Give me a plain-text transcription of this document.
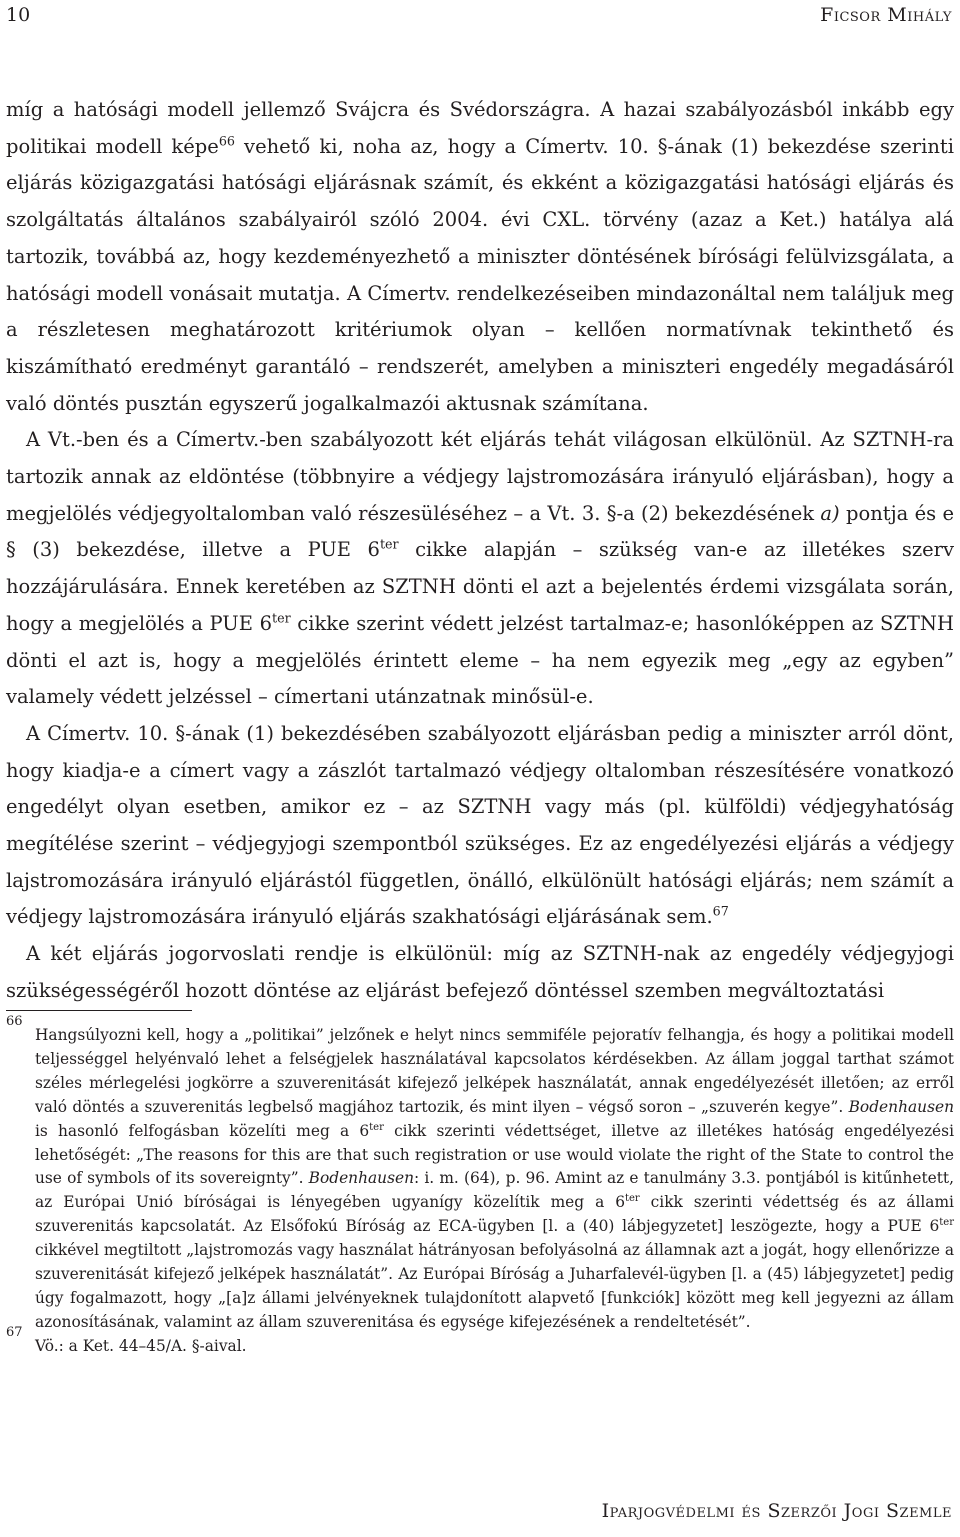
10	Ficsor Mihály

míg a hatósági modell jellemző Svájcra és Svédországra. A hazai szabályozásból inkább egy politikai modell képe$^{66}$ vehető ki, noha az, hogy a Címertv. 10. §-ának (1) bekezdése szerinti eljárás közigazgatási hatósági eljárásnak számít, és ekként a közigazgatási hatósági eljárás és szolgáltatás általános szabályairól szóló 2004. évi CXL. törvény (azaz a Ket.) hatálya alá tartozik, továbbá az, hogy kezdeményezhető a miniszter döntésének bírósági felülvizsgálata, a hatósági modell vonásait mutatja. A Címertv. rendelkezéseiben mindazonáltal nem találjuk meg a részletesen meghatározott kritériumok olyan – kellően normatívnak tekinthető és kiszámítható eredményt garantáló – rendszerét, amelyben a miniszteri engedély megadásáról való döntés pusztán egyszerű jogalkalmazói aktusnak számítana.

A Vt.-ben és a Címertv.-ben szabályozott két eljárás tehát világosan elkülönül. Az SZTNH-ra tartozik annak az eldöntése (többnyire a védjegy lajstromozására irányuló eljárásban), hogy a megjelölés védjegyoltalomban való részesüléséhez – a Vt. 3. §-a (2) bekezdésének a) pontja és e § (3) bekezdése, illetve a PUE $6^{ter}$ cikke alapján – szükség van-e az illetékes szerv hozzájárulására. Ennek keretében az SZTNH dönti el azt a bejelentés érdemi vizsgálata során, hogy a megjelölés a PUE $6^{ter}$ cikke szerint védett jelzést tartalmaz-e; hasonlóképpen az SZTNH dönti el azt is, hogy a megjelölés érintett eleme – ha nem egyezik meg „egy az egyben” valamely védett jelzéssel – címertani utánzatnak minősül-e.

A Címertv. 10. §-ának (1) bekezdésében szabályozott eljárásban pedig a miniszter arról dönt, hogy kiadja-e a címert vagy a zászlót tartalmazó védjegy oltalomban részesítésére vonatkozó engedélyt olyan esetben, amikor ez – az SZTNH vagy más (pl. külföldi) védjegyhatóság megítélése szerint – védjegyjogi szempontból szükséges. Ez az engedélyezési eljárás a védjegy lajstromozására irányuló eljárástól független, önálló, elkülönült hatósági eljárás; nem számít a védjegy lajstromozására irányuló eljárás szakhatósági eljárásának sem.$^{67}$

A két eljárás jogorvoslati rendje is elkülönül: míg az SZTNH-nak az engedély védjegyjogi szükségességéről hozott döntése az eljárást befejező döntéssel szemben megváltoztatási

66
Hangsúlyozni kell, hogy a „politikai” jelzőnek e helyt nincs semmiféle pejoratív felhangja, és hogy a politikai modell teljességgel helyénvaló lehet a felségjelek használatával kapcsolatos kérdésekben. Az állam joggal tarthat számot széles mérlegelési jogkörre a szuverenitását kifejező jelképek használatát, annak engedélyezését illetően; az erről való döntés a szuverenitás legbelső magjához tartozik, és mint ilyen – végső soron – „szuverén kegye”. Bodenhausen is hasonló felfogásban közelíti meg a $6^{ter}$ cikk szerinti védettséget, illetve az illetékes hatóság engedélyezési lehetőségét: „The reasons for this are that such registration or use would violate the right of the State to control the use of symbols of its sovereignty”. Bodenhausen: i. m. (64), p. 96. Amint az e tanulmány 3.3. pontjából is kitűnhetett, az Európai Unió bíróságai is lényegében ugyanígy közelítik meg a $6^{ter}$ cikk szerinti védettség és az állami szuverenitás kapcsolatát. Az Elsőfokú Bíróság az ECA-ügyben [l. a (40) lábjegyzetet] leszögezte, hogy a PUE $6^{ter}$ cikkével megtiltott „lajstromozás vagy használat hátrányosan befolyásolná az államnak azt a jogát, hogy ellenőrizze a szuverenitását kifejező jelképek használatát”. Az Európai Bíróság a Juharfalevél-ügyben [l. a (45) lábjegyzetet] pedig úgy fogalmazott, hogy „[a]z állami jelvényeknek tulajdonított alapvető [funkciók] között meg kell jegyezni az állam azonosításának, valamint az állam szuverenitása és egysége kifejezésének a rendeltetését”.

67
Vö.: a Ket. 44–45/A. §-aival.

Iparjogvédelmi és Szerzői Jogi Szemle
